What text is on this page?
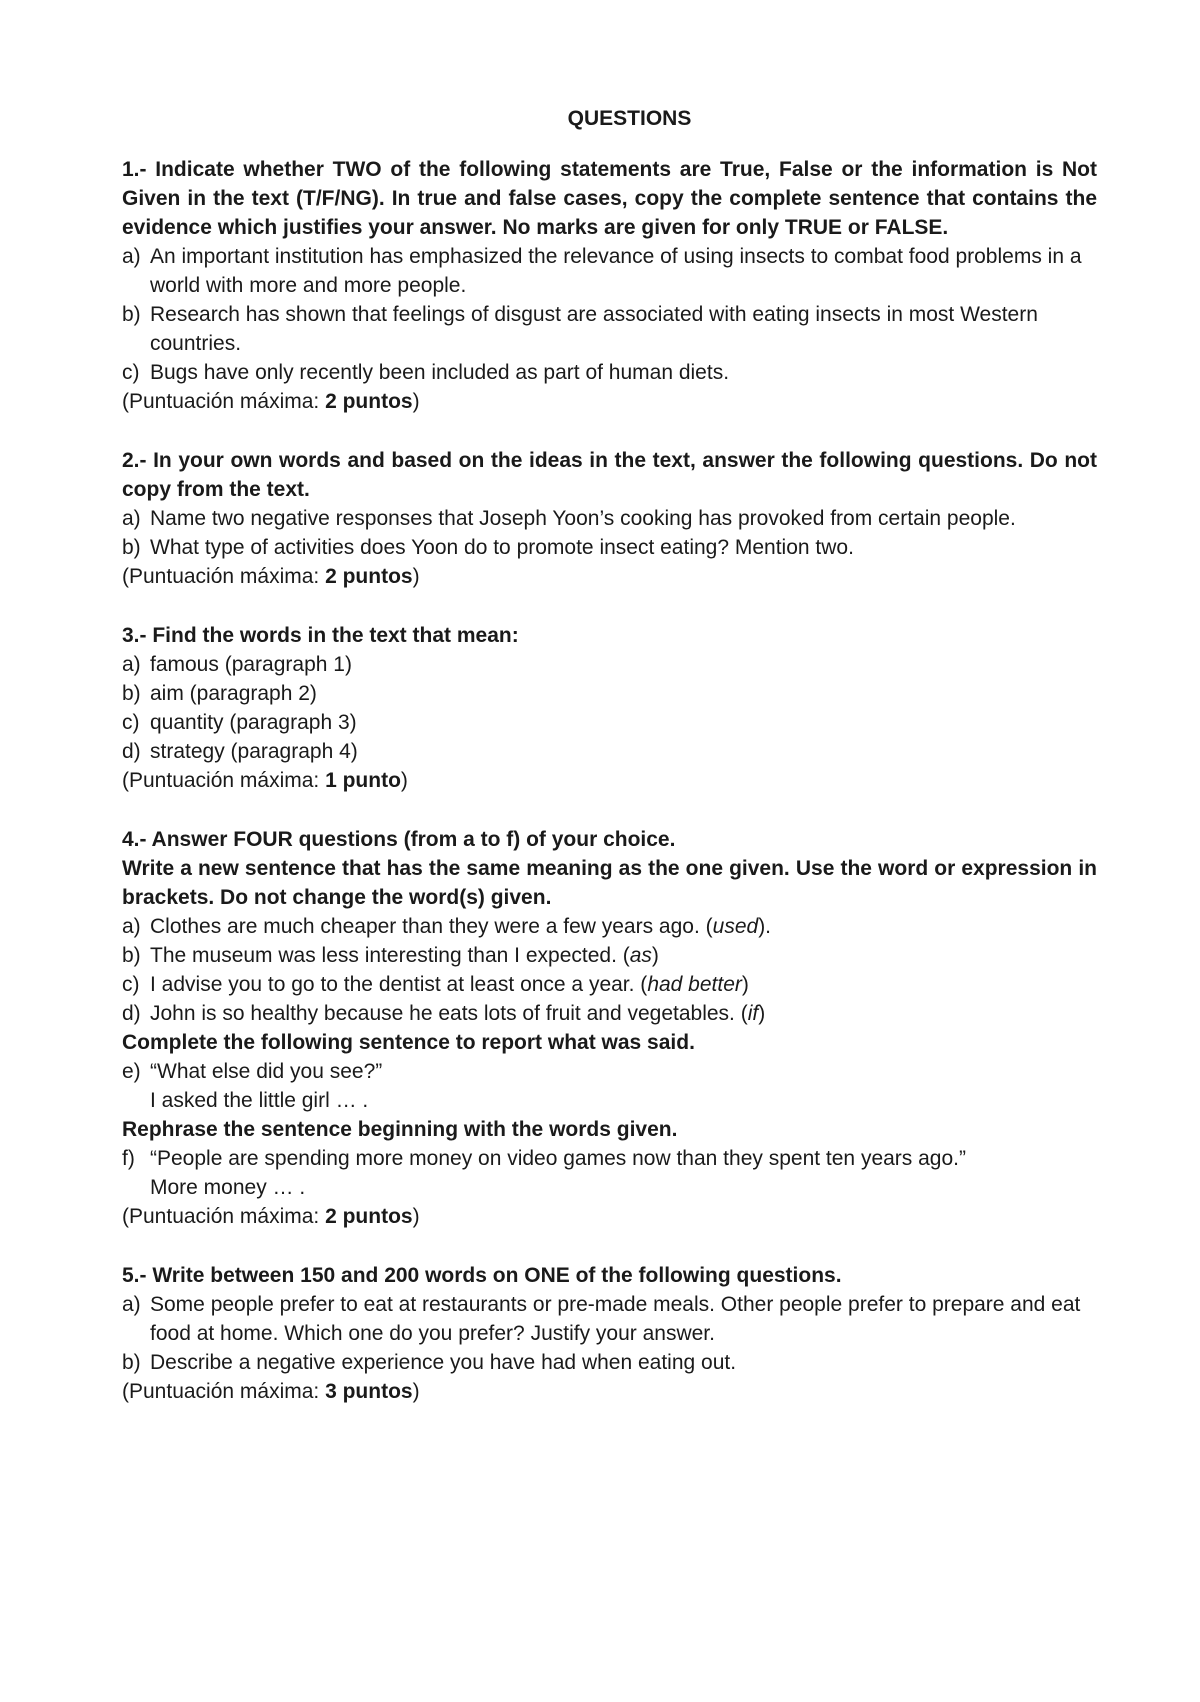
QUESTIONS

1.- Indicate whether TWO of the following statements are True, False or the information is Not Given in the text (T/F/NG). In true and false cases, copy the complete sentence that contains the evidence which justifies your answer. No marks are given for only TRUE or FALSE.

a) An important institution has emphasized the relevance of using insects to combat food problems in a world with more and more people.

b) Research has shown that feelings of disgust are associated with eating insects in most Western countries.

c) Bugs have only recently been included as part of human diets.

(Puntuación máxima: 2 puntos)

2.- In your own words and based on the ideas in the text, answer the following questions. Do not copy from the text.

a) Name two negative responses that Joseph Yoon’s cooking has provoked from certain people.

b) What type of activities does Yoon do to promote insect eating? Mention two.

(Puntuación máxima: 2 puntos)

3.- Find the words in the text that mean:

a) famous (paragraph 1)

b) aim (paragraph 2)

c) quantity (paragraph 3)

d) strategy (paragraph 4)

(Puntuación máxima: 1 punto)

4.- Answer FOUR questions (from a to f) of your choice.

Write a new sentence that has the same meaning as the one given. Use the word or expression in brackets. Do not change the word(s) given.

a) Clothes are much cheaper than they were a few years ago. (used).

b) The museum was less interesting than I expected. (as)

c) I advise you to go to the dentist at least once a year. (had better)

d) John is so healthy because he eats lots of fruit and vegetables. (if)

Complete the following sentence to report what was said.

e) “What else did you see?”

I asked the little girl … .

Rephrase the sentence beginning with the words given.

f) “People are spending more money on video games now than they spent ten years ago.”

More money … .

(Puntuación máxima: 2 puntos)

5.- Write between 150 and 200 words on ONE of the following questions.

a) Some people prefer to eat at restaurants or pre-made meals. Other people prefer to prepare and eat food at home. Which one do you prefer? Justify your answer.

b) Describe a negative experience you have had when eating out.

(Puntuación máxima: 3 puntos)
